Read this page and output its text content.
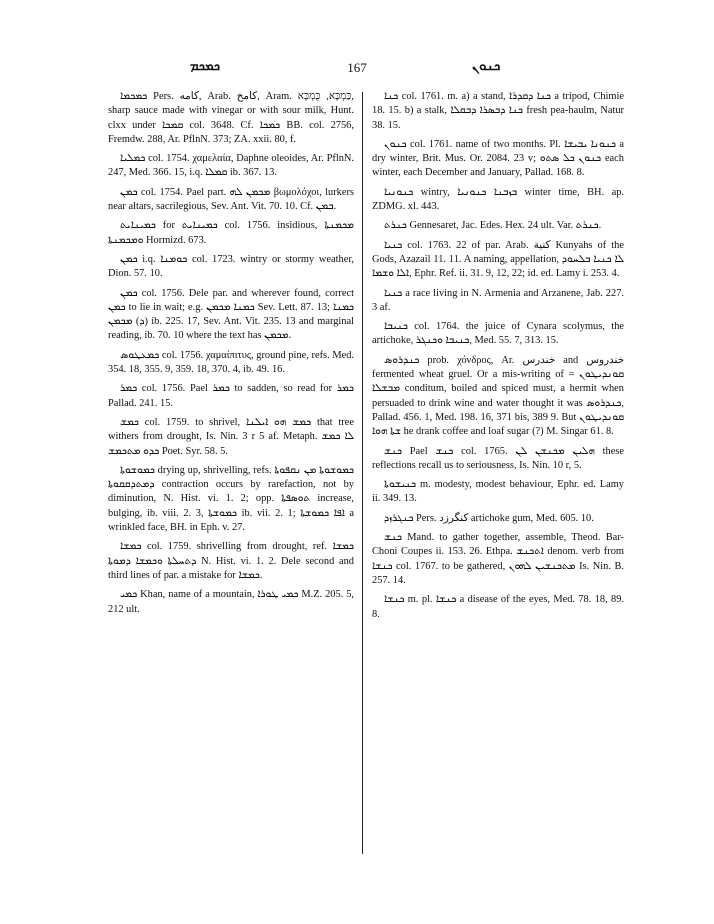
ܟܡܟܡ	167	ܟܢܘܢ

ܟܡܟܡܐ Pers. كامه, Arab. كامخ, Aram. כַּמְכָּא, כֻּמְכָּא, sharp sauce made with vinegar or with sour milk, Hunt. clxx under ܩܡܟܐ col. 3648. Cf. ܟܡܟܐ BB. col. 2756, Fremdw. 288, Ar. PflnN. 373; ZA. xxii. 80, f.

ܟܡܠܝܐ col. 1754. χαμελαία, Daphne oleoides, Ar. PflnN. 247, Med. 366. 15, i.q. ܩܡܠܐ ib. 367. 13.

ܟܡܢ col. 1754. Pael part. ܡܟܡܢ ܠܗ βωμολόχοι, lurkers near altars, sacrilegious, Sev. Ant. Vit. 70. 10. Cf. ܒܡܢ.

ܟܡܝܢܐܝܬ for ܟܡܝܢܐܝܬ col. 1756. insidious, ܡܟܡܢܬܐ ܘܡܟܡܢܬܐ Hormizd. 673.

ܟܡܢ i.q. ܟܘܡܢܐ col. 1723. wintry or stormy weather, Dion. 57. 10.

ܟܡܢ col. 1756. Dele par. and wherever found, correct ܟܡܢ to lie in wait; e.g. ܟܡܢܐ ܡܟܡܢ Sev. Lett. 87. 13; ܟܡܢܐ (ܕ) ܡܟܡܢ ib. 225. 17, Sev. Ant. Vit. 235. 13 and marginal reading, ib. 70. 10 where the text has ܡܟܡܢ.

ܟܡܥܛܘܣ col. 1756. χαμαίπιτυς, ground pine, refs. Med. 354. 18, 355. 9, 359. 18, 370. 4, ib. 49. 16.

ܟܡܪ col. 1756. Pael ܟܡܪ to sadden, so read for ܟܡܪ Pallad. 241. 15.

ܟܡܫ col. 1759. to shrivel, ܟܡܫ ܗܘ ܐܝܠܢܐ that tree withers from drought, Is. Nin. 3 r 5 af. Metaph. ܠܐ ܟܡܫ ܟܕܘ ܡܬܟܡܫ Poet. Syr. 58. 5.

ܟܡܘܫܘܬܐ drying up, shrivelling, refs. ܟܡܘܫܘܬܐ ܡܢ ܢܩܦܘܬܐ ܕܡܬܕܩܩܘܬܐ contraction occurs by rarefaction, not by diminution, N. Hist. vi. 1. 2; opp. ܬܘܣܦܬܐ increase, bulging, ib. viii. 2. 3, ܟܡܘܫܬܐ ib. vii. 2. 1; ܐܦܐ ܟܡܘܫܬܐ a wrinkled face, BH. in Eph. v. 27.

ܟܡܫܐ col. 1759. shrivelling from drought, ref. ܟܡܫܐ ܕܬܚܠܬܐ ܘܟܡܫܐ ܕܡܘܬܐ N. Hist. vi. 1. 2. Dele second and third lines of par. a mistake for ܟܡܫܐ.

ܟܡܝ Khan, name of a mountain, ܟܡܝ ܛܘܪܐ M.Z. 205. 5, 212 ult.

ܟܢܐ col. 1761. m. a) a stand, ܟܢܐ ܕܩܕܪܐ a tripod, Chimie 18. 15. b) a stalk, ܟܢܐ ܕܒܣܪܐ ܕܒܩܠܐ fresh pea-haulm, Natur 38. 15.

ܟܢܘܢ col. 1761. name of two months. Pl. ܟܢܘܢܐ ܝܒܝܫܐ a dry winter, Brit. Mus. Or. 2084. 23 v; ܟܢܘܢ ܟܠ ܣܬܘ each winter, each December and January, Pallad. 168. 8.

ܟܢܘܢܝܐ wintry, ܒܙܒܢܐ ܟܢܘܢܝܐ winter time, BH. ap. ZDMG. xl. 443.

ܟܢܪܬ Gennesaret, Jac. Edes. Hex. 24 ult. Var. ܟܢܪܬ.

ܟܢܝܐ col. 1763. 22 of par. Arab. كنية Kunyahs of the Gods, Azazail 11. 11. A naming, appellation, ܠܐ ܟܢܝܐ ܒܠܚܘܕ ܐܠܐ ܘܫܡܐ, Ephr. Ref. ii. 31. 9, 12, 22; id. ed. Lamy i. 253. 4.

ܟܢܝܐ a race living in N. Armenia and Arzanene, Jab. 227. 3 af.

ܟܢܝܒܐ col. 1764. the juice of Cynara scolymus, the artichoke, ܟܢܝܒܐ ܘܟܢܓܪ, Med. 55. 7, 313. 15.

ܟܢܕܪܘܣ prob. χόνδρος, Ar. خندرس and خندروس fermented wheat gruel. Or a mis-writing of ܩܘܢܕܝܛܘܢ = ܡܒܫܠܐ conditum, boiled and spiced must, a hermit when persuaded to drink wine and water thought it was ܟܢܕܪܘܣ, Pallad. 456. 1, Med. 198. 16, 371 bis, 389 9. But ܩܘܢܕܝܛܘܢ ܫܬܐ ܗܘܐ he drank coffee and loaf sugar (?) M. Singar 61. 8.

ܟܢܫ Pael ܟܢܫ col. 1765. ܗܠܝܢ ܡܟܢܫܢ ܠܢ these reflections recall us to seriousness, Is. Nin. 10 r, 5.

ܟܢܝܫܘܬܐ m. modesty, modest behaviour, Ephr. ed. Lamy ii. 349. 13.

ܟܢܓܪܙܕ Pers. كنگرزد artichoke gum, Med. 605. 10.

ܟܢܫ Mand. to gather together, assemble, Theod. Bar-Choni Coupes ii. 153. 26. Ethpa. ܐܬܟܢܫ denom. verb from ܟܢܫܐ col. 1767. to be gathered, ܡܬܟܢܫܝܢ ܠܗܘܢ Is. Nin. B. 257. 14.

ܟܢܫܐ m. pl. ܟܢܫܐ a disease of the eyes, Med. 78. 18, 89. 8.
